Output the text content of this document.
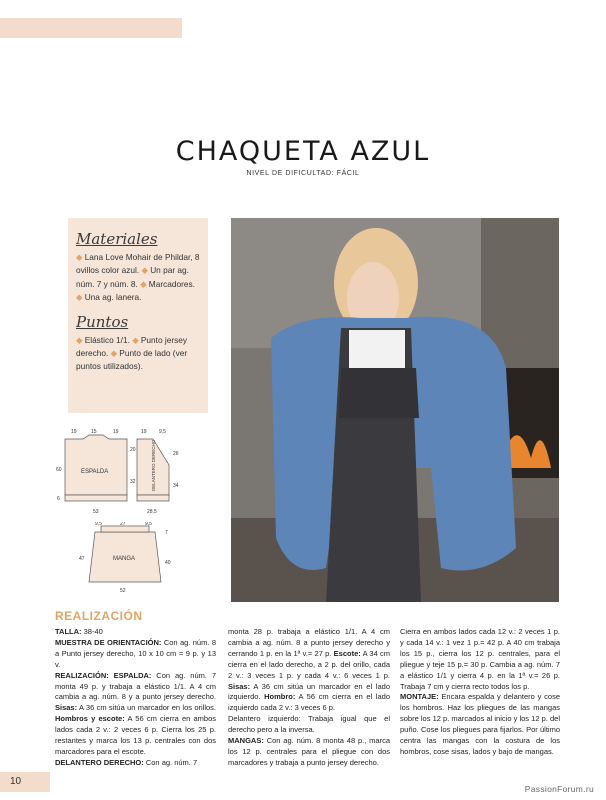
CHAQUETA AZUL
NIVEL DE DIFICULTAD: FÁCIL
Materiales

◆ Lana Love Mohair de Phildar, 8 ovillos color azul. ◆ Un par ag. núm. 7 y núm. 8. ◆ Marcadores. ◆ Una ag. lanera.

Puntos

◆ Elástico 1/1. ◆ Punto jersey derecho. ◆ Punto de lado (ver puntos utilizados).

19	15	19
60
53
6
ESPALDA
19 9,5
20
26
32
34
28,5
DELANTERO DERECHO
9,5	27	9,5
47
7
40
52
MANGA
REALIZACIÓN

TALLA: 38-40

MUESTRA DE ORIENTACIÓN: Con ag. núm. 8 a Punto jersey derecho, 10 x 10 cm = 9 p. y 13 v.

REALIZACIÓN: ESPALDA: Con ag. núm. 7 monta 49 p. y trabaja a elástico 1/1. A 4 cm cambia a ag. núm. 8 y a punto jersey derecho. Sisas: A 36 cm sitúa un marcador en los orillos. Hombros y escote: A 56 cm cierra en ambos lados cada 2 v.: 2 veces 6 p. Cierra los 25 p. restantes y marca los 13 p. centrales con dos marcadores para el escote.

DELANTERO DERECHO: Con ag. núm. 7

monta 28 p. trabaja a elástico 1/1. A 4 cm cambia a ag. núm. 8 a punto jersey derecho y cerrando 1 p. en la 1ª v.= 27 p. Escote: A 34 cm cierra en el lado derecho, a 2 p. del orillo, cada 2 v.: 3 veces 1 p. y cada 4 v.: 6 veces 1 p. Sisas: A 36 cm sitúa un marcador en el lado izquierdo. Hombro: A 56 cm cierra en el lado izquierdo cada 2 v.: 3 veces 6 p.

Delantero izquierdo: Trabaja igual que el derecho pero a la inversa.

MANGAS: Con ag. núm. 8 monta 48 p., marca los 12 p. centrales para el pliegue con dos marcadores y trabaja a punto jersey derecho.

Cierra en ambos lados cada 12 v.: 2 veces 1 p. y cada 14 v.: 1 vez 1 p.= 42 p. A 40 cm trabaja los 15 p., cierra los 12 p. centrales, para el pliegue y teje 15 p.= 30 p. Cambia a ag. núm. 7 a elástico 1/1 y cierra 4 p. en la 1ª v.= 26 p. Trabaja 7 cm y cierra recto todos los p.

MONTAJE: Encara espalda y delantero y cose los hombros. Haz los pliegues de las mangas sobre los 12 p. marcados al inicio y los 12 p. del puño. Cose los pliegues para fijarlos. Por último centra las mangas con la costura de los hombros, cose sisas, lados y bajo de mangas.

10
PassionForum.ru
